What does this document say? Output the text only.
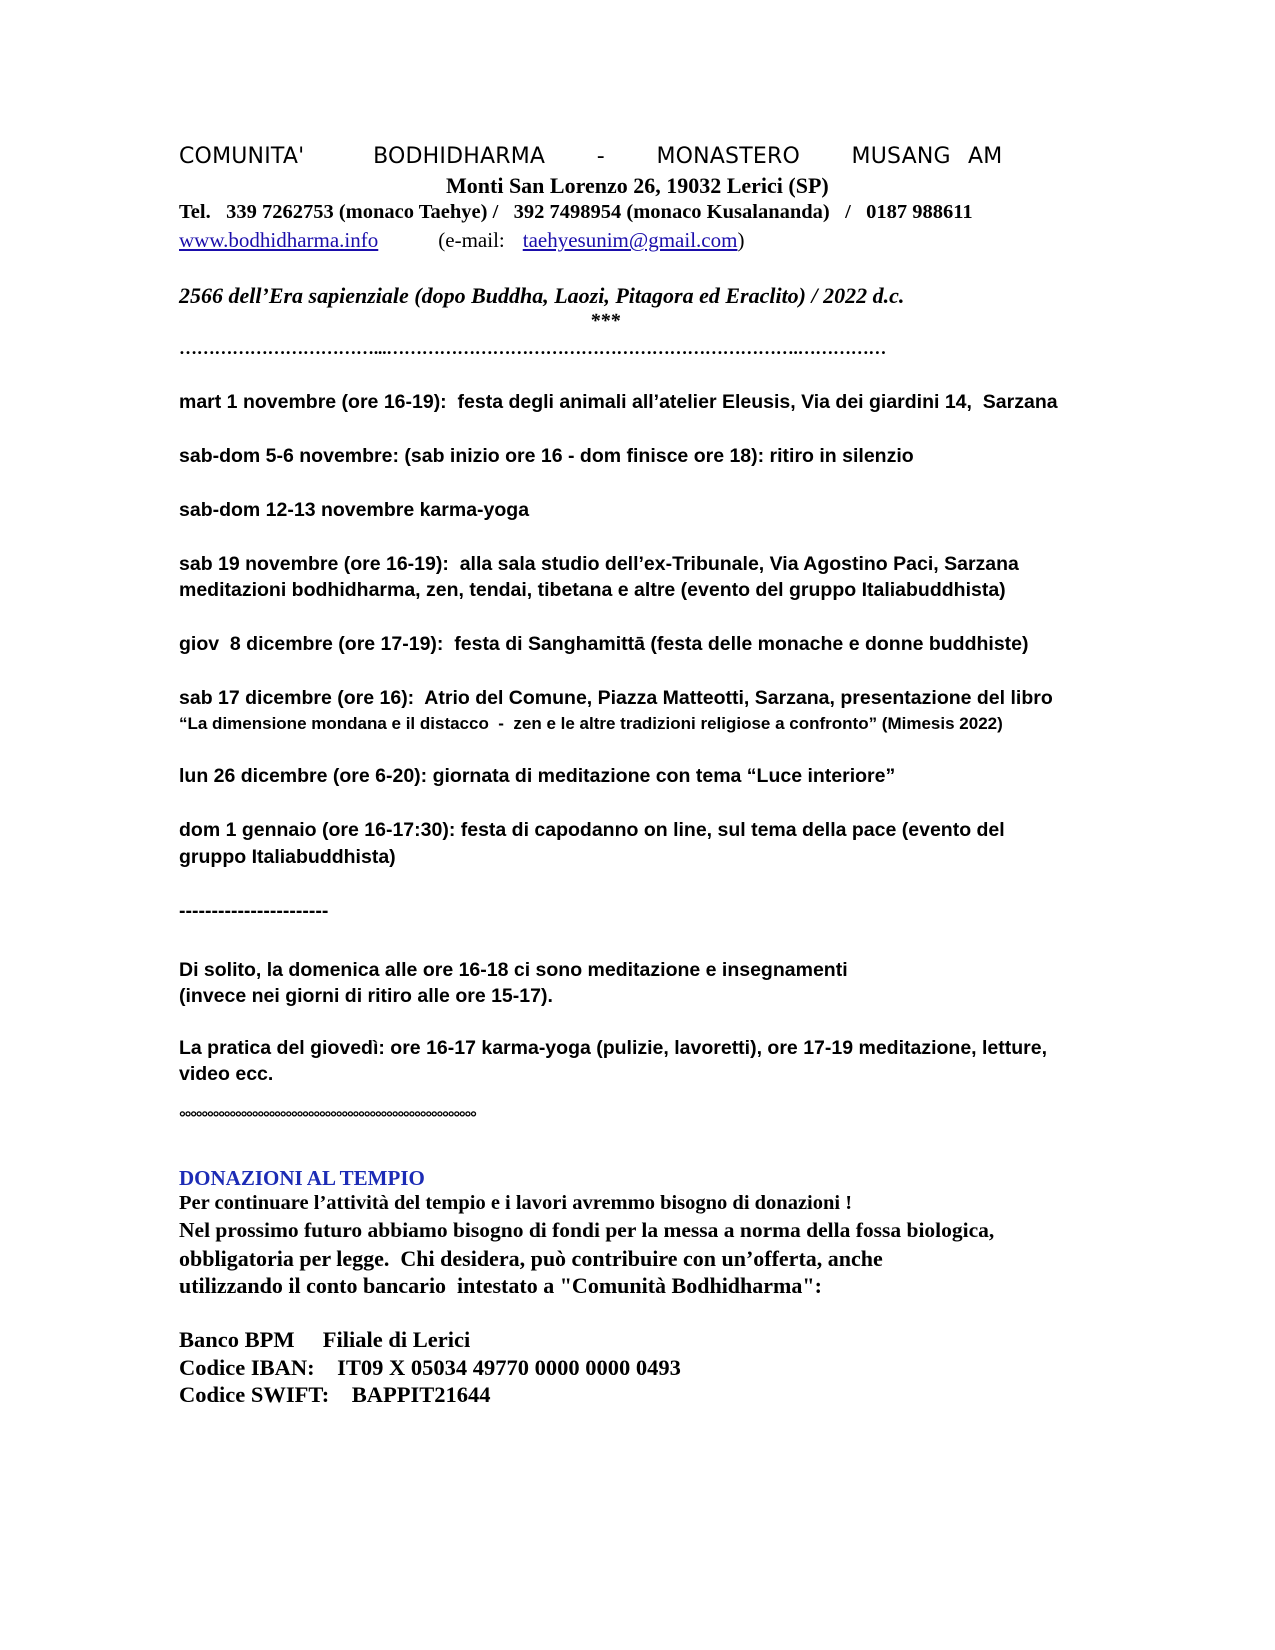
COMUNITA'    BODHIDHARMA   -   MONASTERO   MUSANG AM
Monti San Lorenzo 26, 19032 Lerici (SP)
Tel.   339 7262753 (monaco Taehye) /   392 7498954 (monaco Kusalananda)   /   0187 988611
www.bodhidharma.info	(e-mail: taehyesunim@gmail.com)
2566 dell’Era sapienziale (dopo Buddha, Laozi, Pitagora ed Eraclito) / 2022 d.c.
***
……………………………...…………………………………………………………….……………
mart 1 novembre (ore 16-19):  festa degli animali all’atelier Eleusis, Via dei giardini 14,  Sarzana
sab-dom 5-6 novembre: (sab inizio ore 16 - dom finisce ore 18): ritiro in silenzio
sab-dom 12-13 novembre karma-yoga
sab 19 novembre (ore 16-19):  alla sala studio dell’ex-Tribunale, Via Agostino Paci, Sarzana
meditazioni bodhidharma, zen, tendai, tibetana e altre (evento del gruppo Italiabuddhista)
giov  8 dicembre (ore 17-19):  festa di Sanghamittā (festa delle monache e donne buddhiste)
sab 17 dicembre (ore 16):  Atrio del Comune, Piazza Matteotti, Sarzana, presentazione del libro
“La dimensione mondana e il distacco  -  zen e le altre tradizioni religiose a confronto” (Mimesis 2022)
lun 26 dicembre (ore 6-20): giornata di meditazione con tema “Luce interiore”
dom 1 gennaio (ore 16-17:30): festa di capodanno on line, sul tema della pace (evento del
gruppo Italiabuddhista)
-----------------------
Di solito, la domenica alle ore 16-18 ci sono meditazione e insegnamenti
(invece nei giorni di ritiro alle ore 15-17).
La pratica del giovedì: ore 16-17 karma-yoga (pulizie, lavoretti), ore 17-19 meditazione, letture,
video ecc.
°°°°°°°°°°°°°°°°°°°°°°°°°°°°°°°°°°°°°°°°°°°°°°°°°°°°°
DONAZIONI AL TEMPIO
Per continuare l’attività del tempio e i lavori avremmo bisogno di donazioni !
Nel prossimo futuro abbiamo bisogno di fondi per la messa a norma della fossa biologica,
obbligatoria per legge.  Chi desidera, può contribuire con un’offerta, anche
utilizzando il conto bancario  intestato a "Comunità Bodhidharma":
Banco BPM     Filiale di Lerici
Codice IBAN:    IT09 X 05034 49770 0000 0000 0493
Codice SWIFT:    BAPPIT21644
